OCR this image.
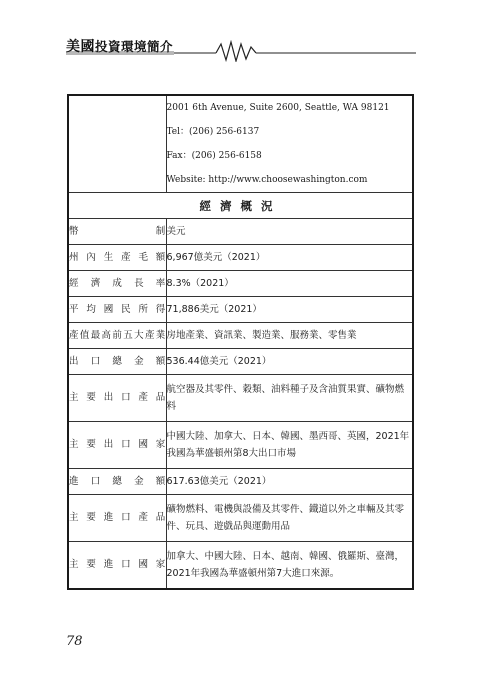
美國投資環境簡介

	2001 6th Avenue, Suite 2600, Seattle, WA 98121
Tel：(206) 256-6137
Fax：(206) 256-6158
Website: http://www.choosewashington.com

經濟概況	
幣制	美元
州內生產毛額	6,967億美元（2021）
經濟成長率	8.3%（2021）
平均國民所得	71,886美元（2021）
產值最高前五大產業	房地產業、資訊業、製造業、服務業、零售業
出口總金額	536.44億美元（2021）
主要出口產品	航空器及其零件、穀類、油料種子及含油質果實、礦物燃料
主要出口國家	中國大陸、加拿大、日本、韓國、墨西哥、英國，2021年我國為華盛頓州第8大出口市場
進口總金額	617.63億美元（2021）
主要進口產品	礦物燃料、電機與設備及其零件、鐵道以外之車輛及其零件、玩具、遊戲品與運動用品
主要進口國家	加拿大、中國大陸、日本、越南、韓國、俄羅斯、臺灣，2021年我國為華盛頓州第7大進口來源。
78
